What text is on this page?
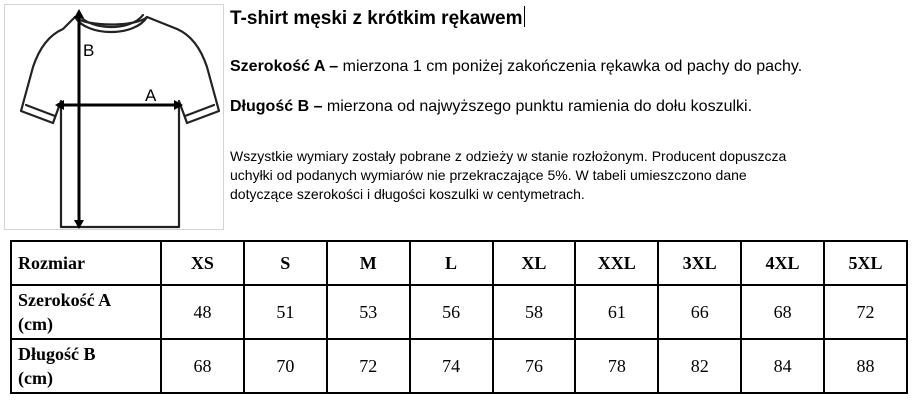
B
A
T-shirt męski z krótkim rękawem
Szerokość A – mierzona 1 cm poniżej zakończenia rękawka od pachy do pachy.
Długość B – mierzona od najwyższego punktu ramienia do dołu koszulki.
Wszystkie wymiary zostały pobrane z odzieży w stanie rozłożonym. Producent dopuszcza
uchyłki od podanych wymiarów nie przekraczające 5%. W tabeli umieszczono dane
dotyczące szerokości i długości koszulki w centymetrach.
Rozmiar	XS	S	M	L	XL	XXL	3XL	4XL	5XL

Szerokość A
(cm)	48	51	53	56	58	61	66	68	72

Długość B
(cm)	68	70	72	74	76	78	82	84	88
